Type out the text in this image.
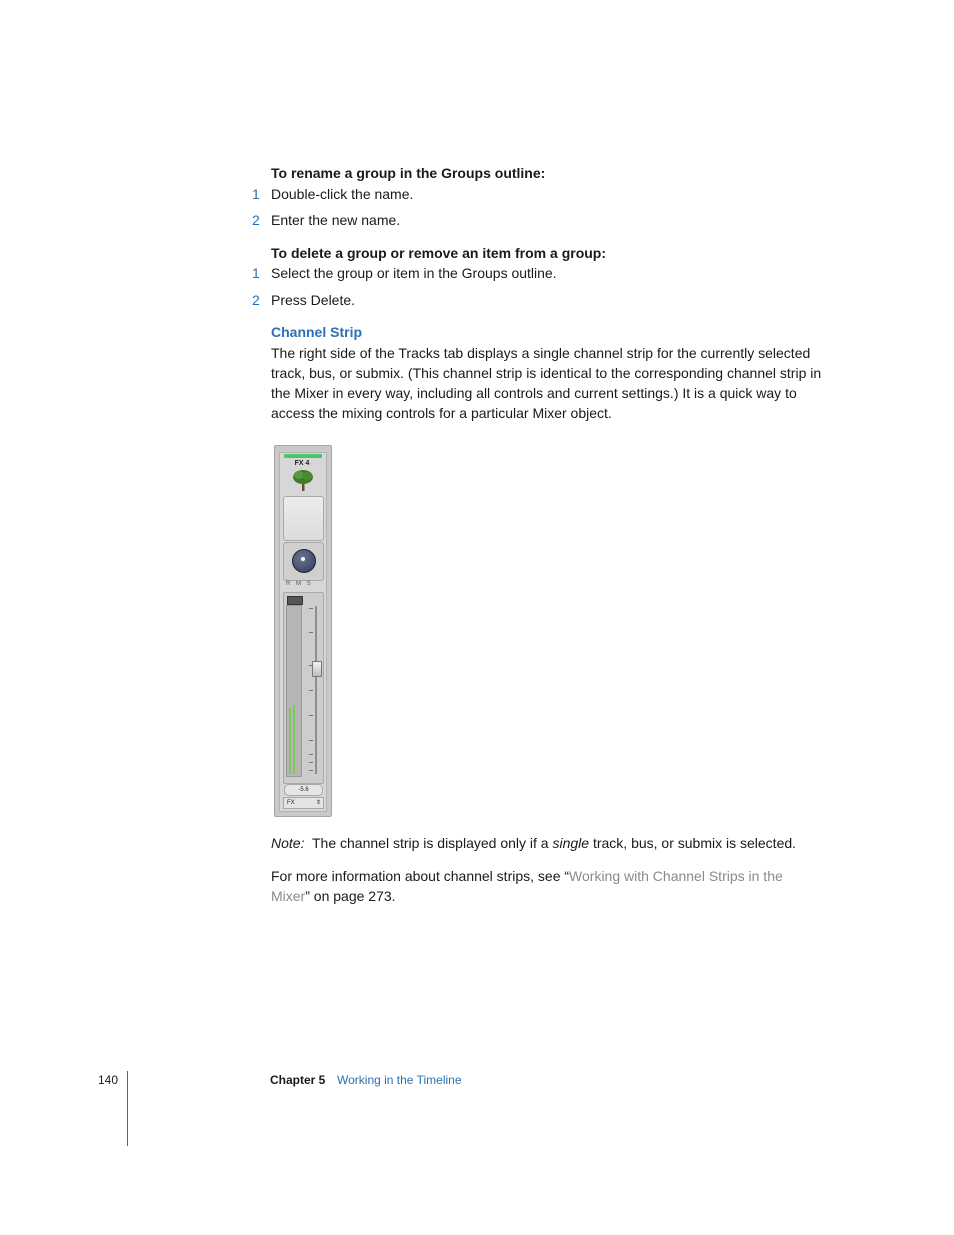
To rename a group in the Groups outline:
1 Double-click the name.
2 Enter the new name.
To delete a group or remove an item from a group:
1 Select the group or item in the Groups outline.
2 Press Delete.
Channel Strip
The right side of the Tracks tab displays a single channel strip for the currently selected track, bus, or submix. (This channel strip is identical to the corresponding channel strip in the Mixer in every way, including all controls and current settings.) It is a quick way to access the mixing controls for a particular Mixer object.
FX 4
R M S
-5.6
FX	⇕
Note: The channel strip is displayed only if a single track, bus, or submix is selected.
For more information about channel strips, see “Working with Channel Strips in the Mixer” on page 273.
140	Chapter 5 Working in the Timeline
